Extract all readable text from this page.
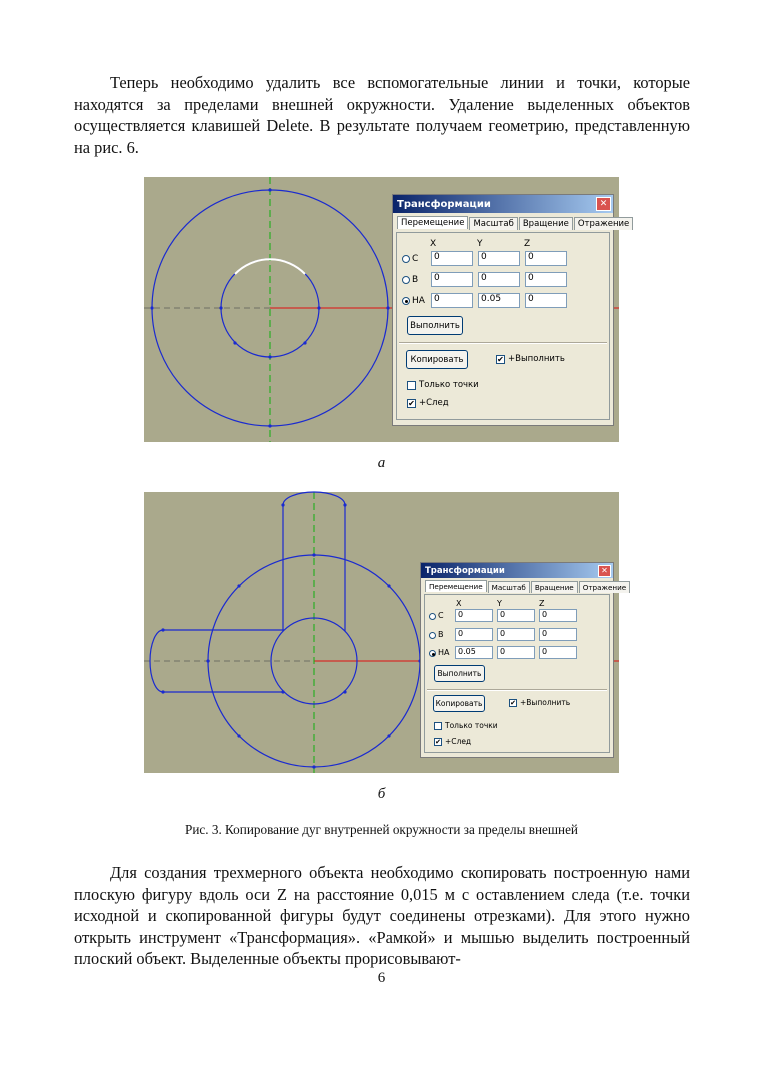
Теперь необходимо удалить все вспомогательные линии и точки, которые находятся за пределами внешней окружности. Удаление выделенных объектов осуществляется клавишей Delete. В результате получаем геометрию, представленную на рис. 6.

Трансформации	✕
Перемещение	Масштаб	Вращение	Отражение
X	Y	Z
С	0	0	0
В	0	0	0
НА	0	0.05	0
Выполнить
Копировать	✔ +Выполнить
Только точки
✔ +След
а
Трансформации	✕
Перемещение	Масштаб	Вращение	Отражение
X	Y	Z
С	0	0	0
В	0	0	0
НА	0.05	0	0
Выполнить
Копировать	✔ +Выполнить
Только точки
✔ +След
б
Рис. 3. Копирование дуг внутренней окружности за пределы внешней

Для создания трехмерного объекта необходимо скопировать построенную нами плоскую фигуру вдоль оси Z на расстояние 0,015 м с оставлением следа (т.е. точки исходной и скопированной фигуры будут соединены отрезками). Для этого нужно открыть инструмент «Трансформация». «Рамкой» и мышью выделить построенный плоский объект. Выделенные объекты прорисовывают-

6
